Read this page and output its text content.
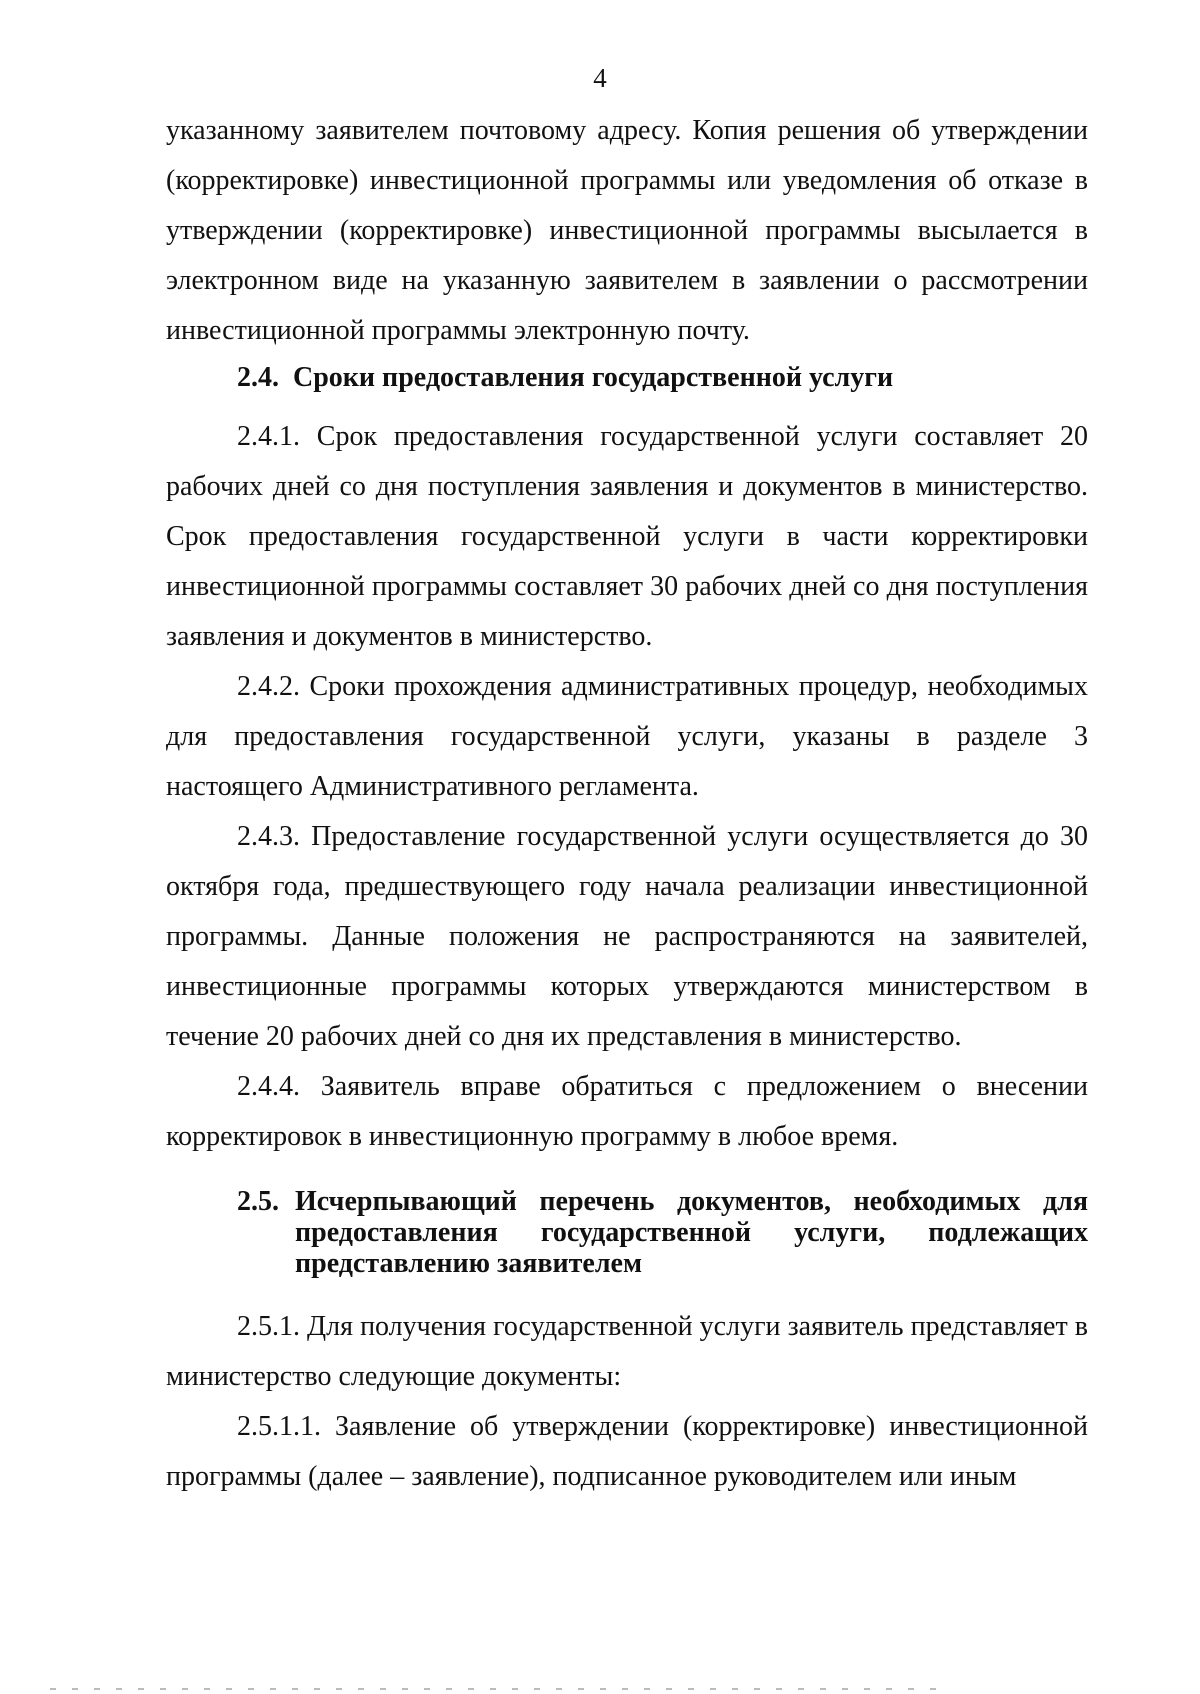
4

указанному заявителем почтовому адресу. Копия решения об утверждении (корректировке) инвестиционной программы или уведомления об отказе в утверждении (корректировке) инвестиционной программы высылается в электронном виде на указанную заявителем в заявлении о рассмотрении инвестиционной программы электронную почту.

2.4. Сроки предоставления государственной услуги

2.4.1. Срок предоставления государственной услуги составляет 20 рабочих дней со дня поступления заявления и документов в министерство. Срок предоставления государственной услуги в части корректировки инвестиционной программы составляет 30 рабочих дней со дня поступления заявления и документов в министерство.

2.4.2. Сроки прохождения административных процедур, необходимых для предоставления государственной услуги, указаны в разделе 3 настоящего Административного регламента.

2.4.3. Предоставление государственной услуги осуществляется до 30 октября года, предшествующего году начала реализации инвестиционной программы. Данные положения не распространяются на заявителей, инвестиционные программы которых утверждаются министерством в течение 20 рабочих дней со дня их представления в министерство.

2.4.4. Заявитель вправе обратиться с предложением о внесении корректировок в инвестиционную программу в любое время.

2.5. Исчерпывающий перечень документов, необходимых для предоставления государственной услуги, подлежащих представлению заявителем

2.5.1. Для получения государственной услуги заявитель представляет в министерство следующие документы:

2.5.1.1. Заявление об утверждении (корректировке) инвестиционной программы (далее – заявление), подписанное руководителем или иным
